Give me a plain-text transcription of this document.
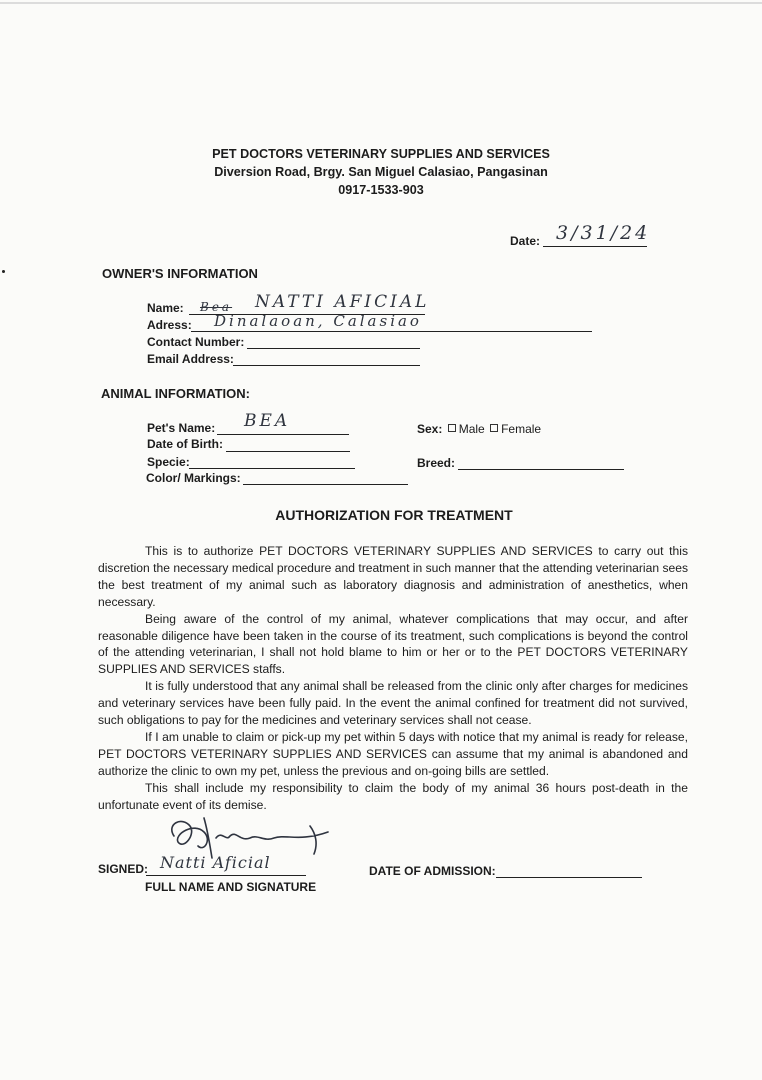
PET DOCTORS VETERINARY SUPPLIES AND SERVICES
Diversion Road, Brgy. San Miguel Calasiao, Pangasinan
0917-1533-903
Date: 3/31/24
OWNER'S INFORMATION
Name: Bea NATTI AFICIAL
Adress: Dinalaoan, Calasiao
Contact Number:
Email Address:
ANIMAL INFORMATION:
Pet's Name: BEA
Date of Birth:
Specie:
Color/ Markings:
Sex: Male Female
Breed:
AUTHORIZATION FOR TREATMENT

This is to authorize PET DOCTORS VETERINARY SUPPLIES AND SERVICES to carry out this discretion the necessary medical procedure and treatment in such manner that the attending veterinarian sees the best treatment of my animal such as laboratory diagnosis and administration of anesthetics, when necessary.

Being aware of the control of my animal, whatever complications that may occur, and after reasonable diligence have been taken in the course of its treatment, such complications is beyond the control of the attending veterinarian, I shall not hold blame to him or her or to the PET DOCTORS VETERINARY SUPPLIES AND SERVICES staffs.

It is fully understood that any animal shall be released from the clinic only after charges for medicines and veterinary services have been fully paid. In the event the animal confined for treatment did not survived, such obligations to pay for the medicines and veterinary services shall not cease.

If I am unable to claim or pick-up my pet within 5 days with notice that my animal is ready for release, PET DOCTORS VETERINARY SUPPLIES AND SERVICES can assume that my animal is abandoned and authorize the clinic to own my pet, unless the previous and on-going bills are settled.

This shall include my responsibility to claim the body of my animal 36 hours post-death in the unfortunate event of its demise.

SIGNED: Natti Aficial
FULL NAME AND SIGNATURE
DATE OF ADMISSION:
